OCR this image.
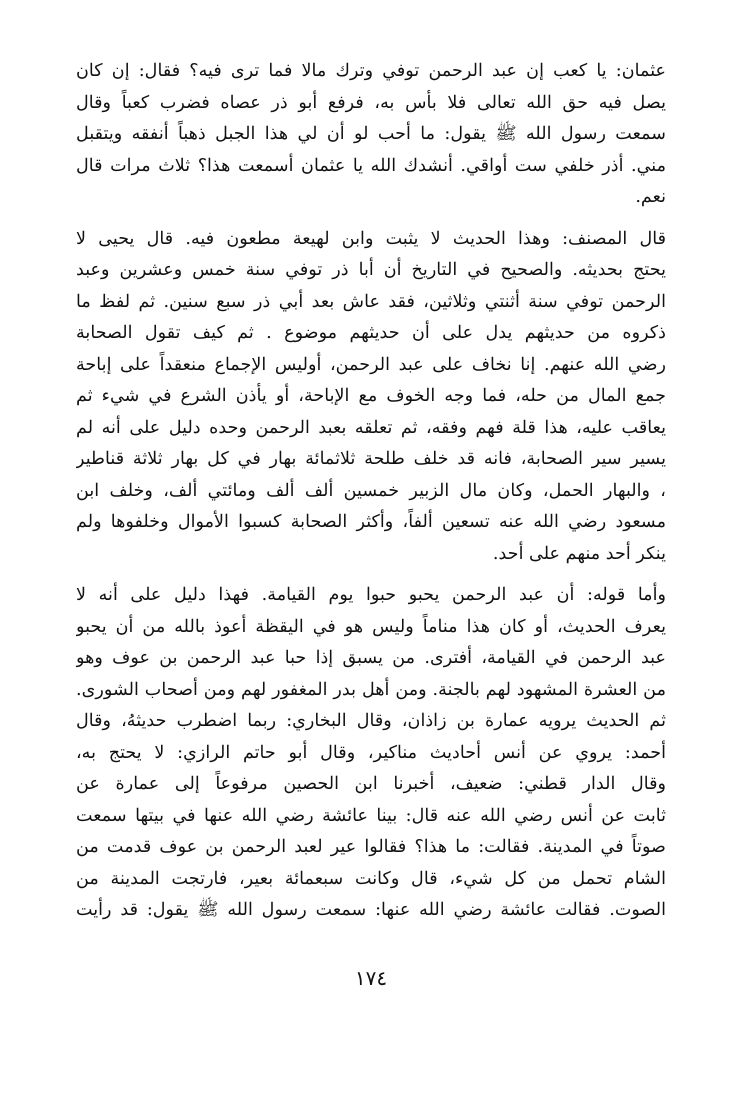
عثمان: يا كعب إن عبد الرحمن توفي وترك مالا فما ترى فيه؟ فقال: إن كان
يصل فيه حق الله تعالى فلا بأس به، فرفع أبو ذر عصاه فضرب كعباً وقال
سمعت رسول الله ﷺ يقول: ما أحب لو أن لي هذا الجبل ذهباً أنفقه ويتقبل
مني. أذر خلفي ست أواقي. أنشدك الله يا عثمان أسمعت هذا؟ ثلاث مرات قال
نعم.

قال المصنف: وهذا الحديث لا يثبت وابن لهيعة مطعون فيه. قال يحيى لا
يحتج بحديثه. والصحيح في التاريخ أن أبا ذر توفي سنة خمس وعشرين وعبد
الرحمن توفي سنة أثنتي وثلاثين، فقد عاش بعد أبي ذر سبع سنين. ثم لفظ ما
ذكروه من حديثهم يدل على أن حديثهم موضوع . ثم كيف تقول الصحابة
رضي الله عنهم. إنا نخاف على عبد الرحمن، أوليس الإجماع منعقداً على إباحة
جمع المال من حله، فما وجه الخوف مع الإباحة، أو يأذن الشرع في شيء ثم
يعاقب عليه، هذا قلة فهم وفقه، ثم تعلقه بعبد الرحمن وحده دليل على أنه لم
يسير سير الصحابة، فانه قد خلف طلحة ثلاثمائة بهار في كل بهار ثلاثة قناطير
، والبهار الحمل، وكان مال الزبير خمسين ألف ألف ومائتي ألف، وخلف ابن
مسعود رضي الله عنه تسعين ألفاً، وأكثر الصحابة كسبوا الأموال وخلفوها ولم
ينكر أحد منهم على أحد.

وأما قوله: أن عبد الرحمن يحبو حبوا يوم القيامة. فهذا دليل على أنه لا
يعرف الحديث، أو كان هذا مناماً وليس هو في اليقظة أعوذ بالله من أن يحبو
عبد الرحمن في القيامة، أفترى. من يسبق إذا حبا عبد الرحمن بن عوف وهو
من العشرة المشهود لهم بالجنة. ومن أهل بدر المغفور لهم ومن أصحاب الشورى.
ثم الحديث يرويه عمارة بن زاذان، وقال البخاري: ربما اضطرب حديثهُ، وقال
أحمد: يروي عن أنس أحاديث مناكير، وقال أبو حاتم الرازي: لا يحتج به،
وقال الدار قطني: ضعيف، أخبرنا ابن الحصين مرفوعاً إلى عمارة عن
ثابت عن أنس رضي الله عنه قال: بينا عائشة رضي الله عنها في بيتها سمعت
صوتاً في المدينة. فقالت: ما هذا؟ فقالوا عير لعبد الرحمن بن عوف قدمت من
الشام تحمل من كل شيء، قال وكانت سبعمائة بعير، فارتجت المدينة من
الصوت. فقالت عائشة رضي الله عنها: سمعت رسول الله ﷺ يقول: قد رأيت

١٧٤
